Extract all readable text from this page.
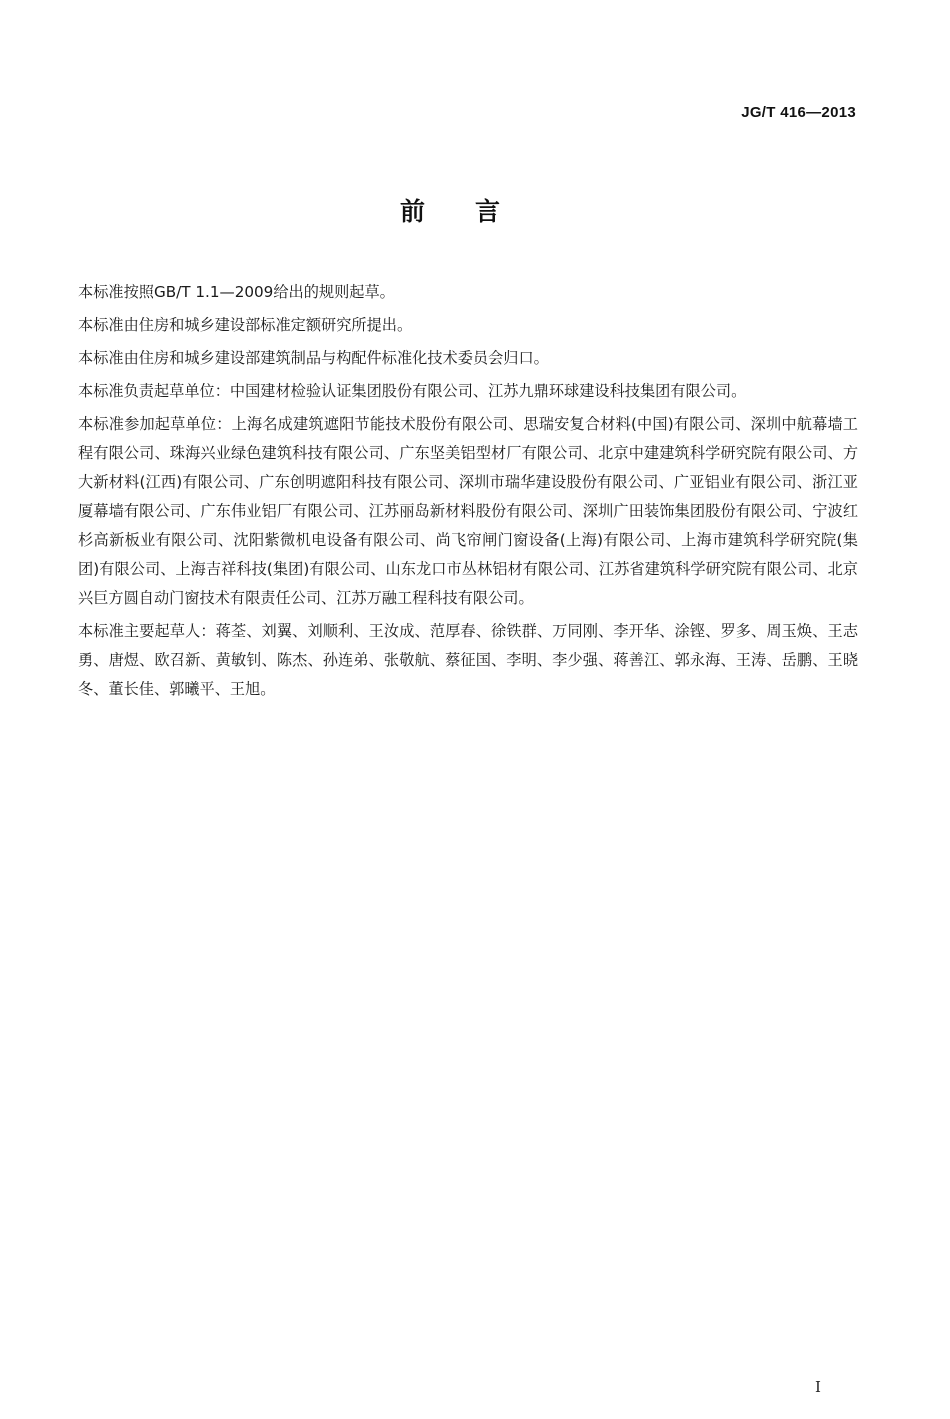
JG/T 416—2013
前言

本标准按照GB/T 1.1—2009给出的规则起草。

本标准由住房和城乡建设部标准定额研究所提出。

本标准由住房和城乡建设部建筑制品与构配件标准化技术委员会归口。

本标准负责起草单位：中国建材检验认证集团股份有限公司、江苏九鼎环球建设科技集团有限公司。

本标准参加起草单位：上海名成建筑遮阳节能技术股份有限公司、思瑞安复合材料(中国)有限公司、深圳中航幕墙工程有限公司、珠海兴业绿色建筑科技有限公司、广东坚美铝型材厂有限公司、北京中建建筑科学研究院有限公司、方大新材料(江西)有限公司、广东创明遮阳科技有限公司、深圳市瑞华建设股份有限公司、广亚铝业有限公司、浙江亚厦幕墙有限公司、广东伟业铝厂有限公司、江苏丽岛新材料股份有限公司、深圳广田装饰集团股份有限公司、宁波红杉高新板业有限公司、沈阳紫微机电设备有限公司、尚飞帘闸门窗设备(上海)有限公司、上海市建筑科学研究院(集团)有限公司、上海吉祥科技(集团)有限公司、山东龙口市丛林铝材有限公司、江苏省建筑科学研究院有限公司、北京兴巨方圆自动门窗技术有限责任公司、江苏万融工程科技有限公司。

本标准主要起草人：蒋荃、刘翼、刘顺利、王汝成、范厚春、徐铁群、万同刚、李开华、涂铿、罗多、周玉焕、王志勇、唐煜、欧召新、黄敏钊、陈杰、孙连弟、张敬航、蔡征国、李明、李少强、蒋善江、郭永海、王涛、岳鹏、王晓冬、董长佳、郭曦平、王旭。

I
